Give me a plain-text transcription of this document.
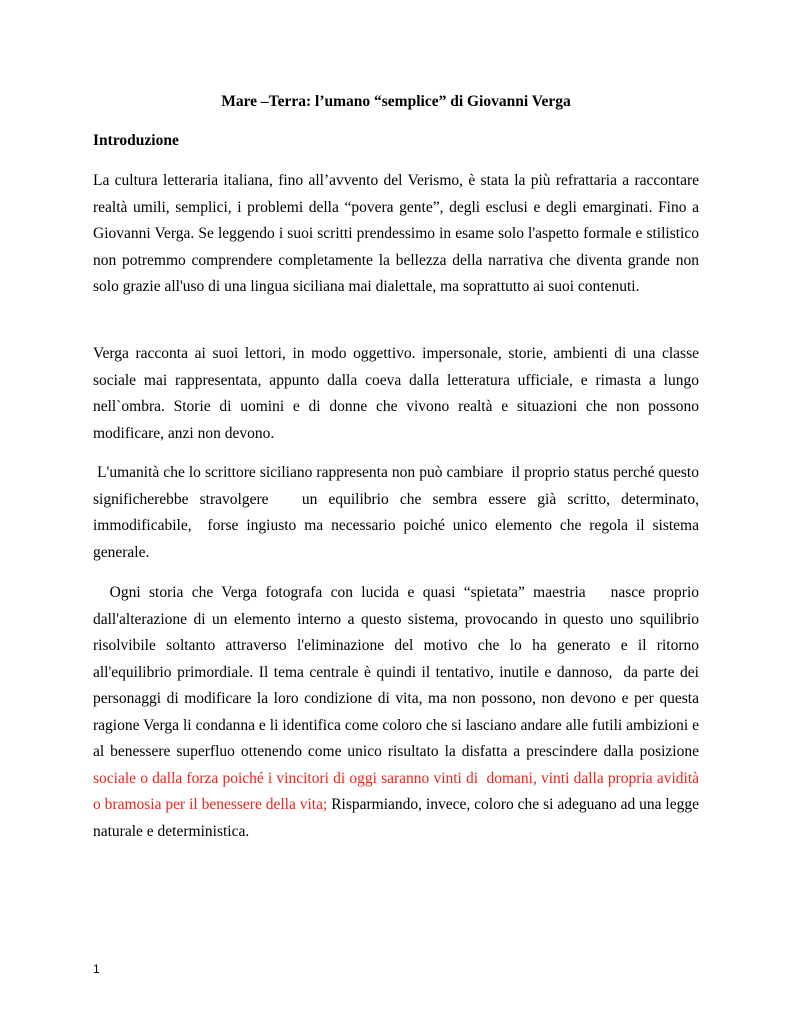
Mare –Terra: l’umano “semplice” di Giovanni Verga
Introduzione

La cultura letteraria italiana, fino all’avvento del Verismo, è stata la più refrattaria a raccontare realtà umili, semplici, i problemi della “povera gente”, degli esclusi e degli emarginati. Fino a Giovanni Verga. Se leggendo i suoi scritti prendessimo in esame solo l'aspetto formale e stilistico non potremmo comprendere completamente la bellezza della narrativa che diventa grande non solo grazie all'uso di una lingua siciliana mai dialettale, ma soprattutto ai suoi contenuti.

Verga racconta ai suoi lettori, in modo oggettivo. impersonale, storie, ambienti di una classe sociale mai rappresentata, appunto dalla coeva dalla letteratura ufficiale, e rimasta a lungo nell`ombra. Storie di uomini e di donne che vivono realtà e situazioni che non possono modificare, anzi non devono.

L'umanità che lo scrittore siciliano rappresenta non può cambiare  il proprio status perché questo significherebbe stravolgere   un equilibrio che sembra essere già scritto, determinato, immodificabile,  forse ingiusto ma necessario poiché unico elemento che regola il sistema generale.

Ogni storia che Verga fotografa con lucida e quasi “spietata” maestria   nasce proprio dall'alterazione di un elemento interno a questo sistema, provocando in questo uno squilibrio risolvibile soltanto attraverso l'eliminazione del motivo che lo ha generato e il ritorno all'equilibrio primordiale. Il tema centrale è quindi il tentativo, inutile e dannoso,  da parte dei personaggi di modificare la loro condizione di vita, ma non possono, non devono e per questa ragione Verga li condanna e li identifica come coloro che si lasciano andare alle futili ambizioni e al benessere superfluo ottenendo come unico risultato la disfatta a prescindere dalla posizione sociale o dalla forza poiché i vincitori di oggi saranno vinti di  domani, vinti dalla propria avidità o bramosia per il benessere della vita; Risparmiando, invece, coloro che si adeguano ad una legge naturale e deterministica.

1
